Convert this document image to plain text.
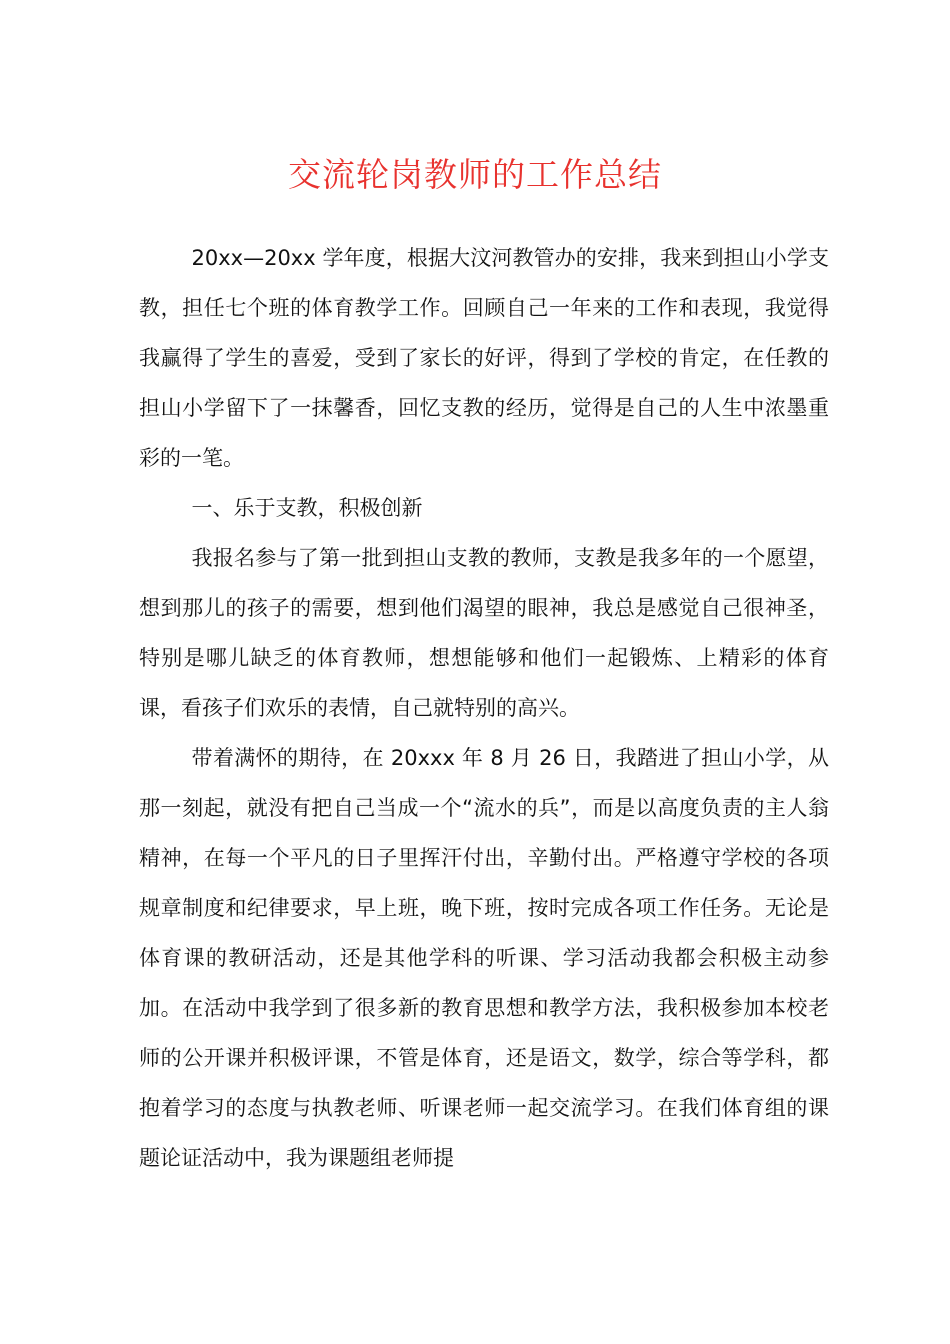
交流轮岗教师的工作总结

20xx—20xx 学年度，根据大汶河教管办的安排，我来到担山小学支教，担任七个班的体育教学工作。回顾自己一年来的工作和表现，我觉得我赢得了学生的喜爱，受到了家长的好评，得到了学校的肯定，在任教的担山小学留下了一抹馨香，回忆支教的经历，觉得是自己的人生中浓墨重彩的一笔。

一、乐于支教，积极创新

我报名参与了第一批到担山支教的教师，支教是我多年的一个愿望，想到那儿的孩子的需要，想到他们渴望的眼神，我总是感觉自己很神圣，特别是哪儿缺乏的体育教师，想想能够和他们一起锻炼、上精彩的体育课，看孩子们欢乐的表情，自己就特别的高兴。

带着满怀的期待，在 20xxx 年 8 月 26 日，我踏进了担山小学，从那一刻起，就没有把自己当成一个“流水的兵”，而是以高度负责的主人翁精神，在每一个平凡的日子里挥汗付出，辛勤付出。严格遵守学校的各项规章制度和纪律要求，早上班，晚下班，按时完成各项工作任务。无论是体育课的教研活动，还是其他学科的听课、学习活动我都会积极主动参加。在活动中我学到了很多新的教育思想和教学方法，我积极参加本校老师的公开课并积极评课，不管是体育，还是语文，数学，综合等学科，都抱着学习的态度与执教老师、听课老师一起交流学习。在我们体育组的课题论证活动中，我为课题组老师提
